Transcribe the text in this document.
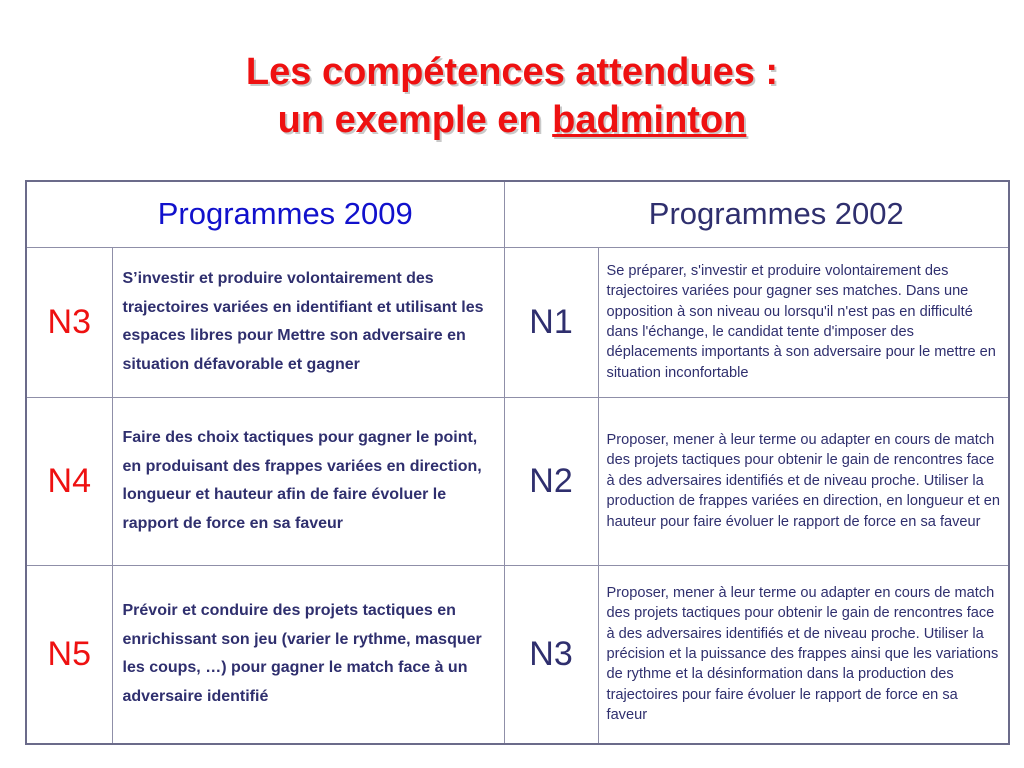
Les compétences attendues :
un exemple en badminton
Programmes 2009		Programmes 2002	
N3	S’investir et produire volontairement des trajectoires variées en identifiant et utilisant les espaces libres pour Mettre son adversaire en situation défavorable et gagner	N1	Se préparer, s'investir et produire volontairement des trajectoires variées pour gagner ses matches. Dans une opposition à son niveau ou lorsqu'il n'est pas en difficulté dans l'échange, le candidat tente d'imposer des déplacements importants à son adversaire pour le mettre en situation inconfortable
N4	Faire des choix tactiques pour gagner le point, en produisant des frappes variées en direction, longueur et hauteur afin de faire évoluer le rapport de force en sa faveur	N2	Proposer, mener à leur terme ou adapter en cours de match des projets tactiques pour obtenir le gain de rencontres face à des adversaires identifiés et de niveau proche. Utiliser la production de frappes variées en direction, en longueur et en hauteur pour faire évoluer le rapport de force en sa faveur
N5	Prévoir et conduire des projets tactiques en enrichissant son jeu (varier le rythme, masquer les coups, …) pour gagner le match face à un adversaire identifié	N3	Proposer, mener à leur terme ou adapter en cours de match des projets tactiques pour obtenir le gain de rencontres face à des adversaires identifiés et de niveau proche. Utiliser la précision et la puissance des frappes ainsi que les variations de rythme et la désinformation dans la production des trajectoires pour faire évoluer le rapport de force en sa faveur
